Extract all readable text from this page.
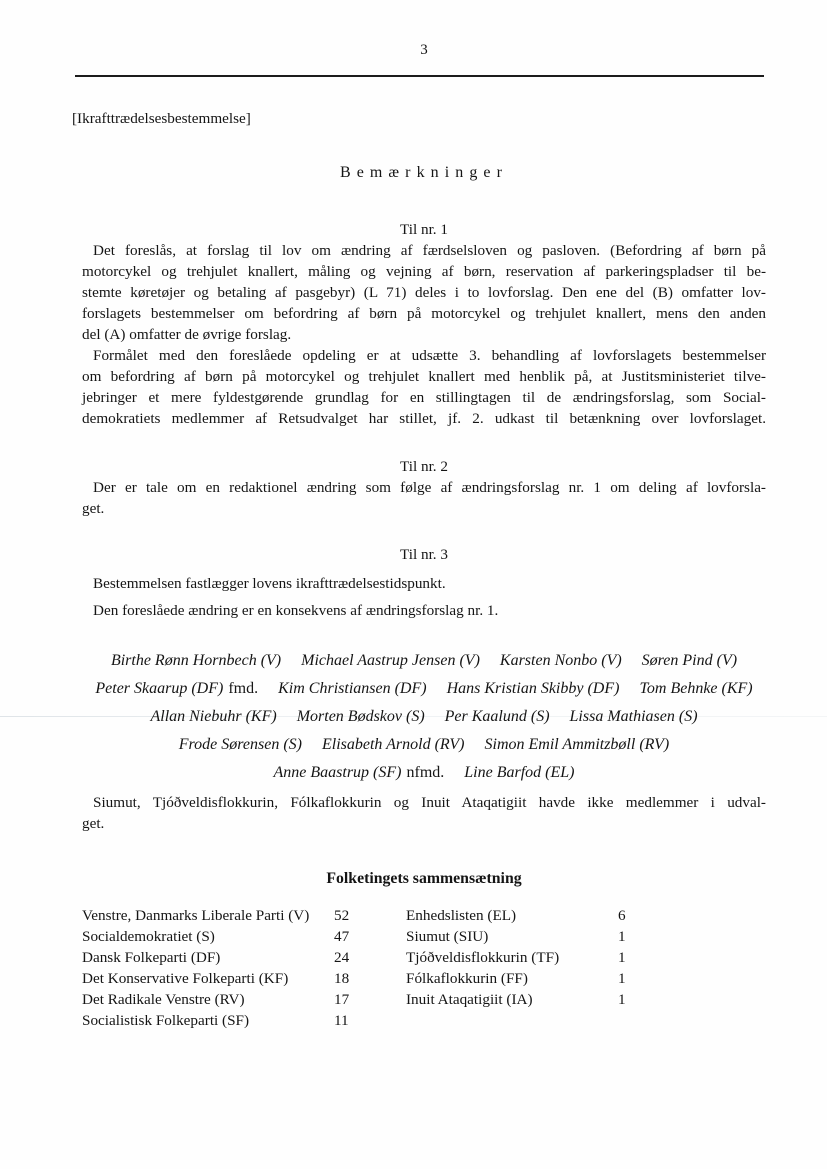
3
[Ikrafttrædelsesbestemmelse]
Bemærkninger
Til nr. 1
Det foreslås, at forslag til lov om ændring af færdselsloven og pasloven. (Befordring af børn på
motorcykel og trehjulet knallert, måling og vejning af børn, reservation af parkeringspladser til be-
stemte køretøjer og betaling af pasgebyr) (L 71) deles i to lovforslag. Den ene del (B) omfatter lov-
forslagets bestemmelser om befordring af børn på motorcykel og trehjulet knallert, mens den anden
del (A) omfatter de øvrige forslag.
Formålet med den foreslåede opdeling er at udsætte 3. behandling af lovforslagets bestemmelser
om befordring af børn på motorcykel og trehjulet knallert med henblik på, at Justitsministeriet tilve-
jebringer et mere fyldestgørende grundlag for en stillingtagen til de ændringsforslag, som Social-
demokratiets medlemmer af Retsudvalget har stillet, jf. 2. udkast til betænkning over lovforslaget.
Til nr. 2
Der er tale om en redaktionel ændring som følge af ændringsforslag nr. 1 om deling af lovforsla-
get.
Til nr. 3
Bestemmelsen fastlægger lovens ikrafttrædelsestidspunkt.
Den foreslåede ændring er en konsekvens af ændringsforslag nr. 1.
Birthe Rønn Hornbech (V) Michael Aastrup Jensen (V) Karsten Nonbo (V) Søren Pind (V)
Peter Skaarup (DF) fmd. Kim Christiansen (DF) Hans Kristian Skibby (DF) Tom Behnke (KF)
Allan Niebuhr (KF) Morten Bødskov (S) Per Kaalund (S) Lissa Mathiasen (S)
Frode Sørensen (S) Elisabeth Arnold (RV) Simon Emil Ammitzbøll (RV)
Anne Baastrup (SF) nfmd. Line Barfod (EL)
Siumut, Tjóðveldisflokkurin, Fólkaflokkurin og Inuit Ataqatigiit havde ikke medlemmer i udval-
get.
Folketingets sammensætning
Venstre, Danmarks Liberale Parti (V)	52
Socialdemokratiet (S)	47
Dansk Folkeparti (DF)	24
Det Konservative Folkeparti (KF)	18
Det Radikale Venstre (RV)	17
Socialistisk Folkeparti (SF)	11
Enhedslisten (EL)	6
Siumut (SIU)	1
Tjóðveldisflokkurin (TF)	1
Fólkaflokkurin (FF)	1
Inuit Ataqatigiit (IA)	1
